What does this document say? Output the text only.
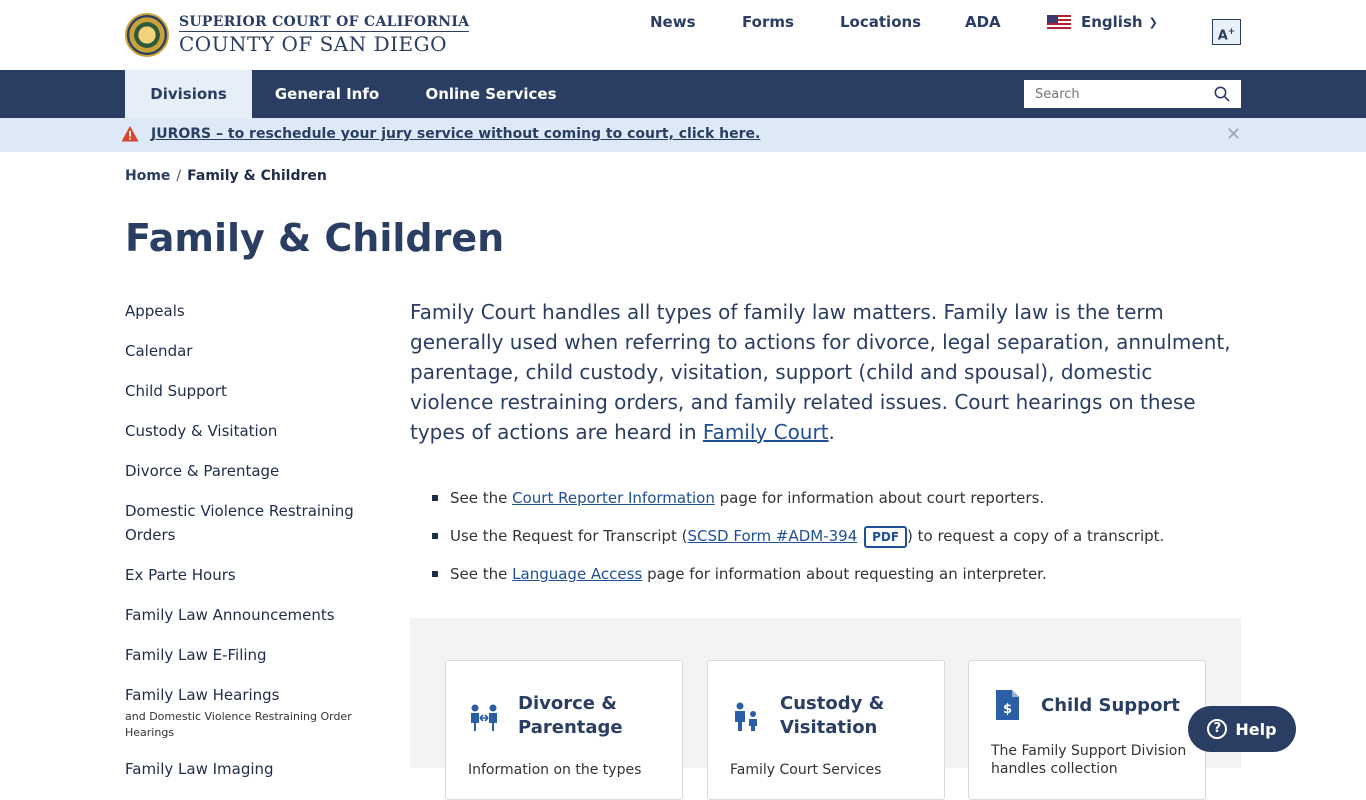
SUPERIOR COURT OF CALIFORNIA
COUNTY OF SAN DIEGO
News	Forms	Locations	ADA	English ❯
A+
Divisions	General Info	Online Services
Search
JURORS – to reschedule your jury service without coming to court, click here.	✕
Home / Family & Children
Family & Children
Appeals
Calendar
Child Support
Custody & Visitation
Divorce & Parentage
Domestic Violence Restraining Orders
Ex Parte Hours
Family Law Announcements
Family Law E-Filing
Family Law Hearings
and Domestic Violence Restraining Order Hearings
Family Law Imaging

Family Court handles all types of family law matters. Family law is the term generally used when referring to actions for divorce, legal separation, annulment, parentage, child custody, visitation, support (child and spousal), domestic violence restraining orders, and family related issues. Court hearings on these types of actions are heard in Family Court.

See the Court Reporter Information page for information about court reporters.
Use the Request for Transcript (SCSD Form #ADM-394 PDF ) to request a copy of a transcript.
See the Language Access page for information about requesting an interpreter.
Divorce &
Parentage
Information on the types
Custody &
Visitation
Family Court Services
$ Child Support
The Family Support Division handles collection
? Help
